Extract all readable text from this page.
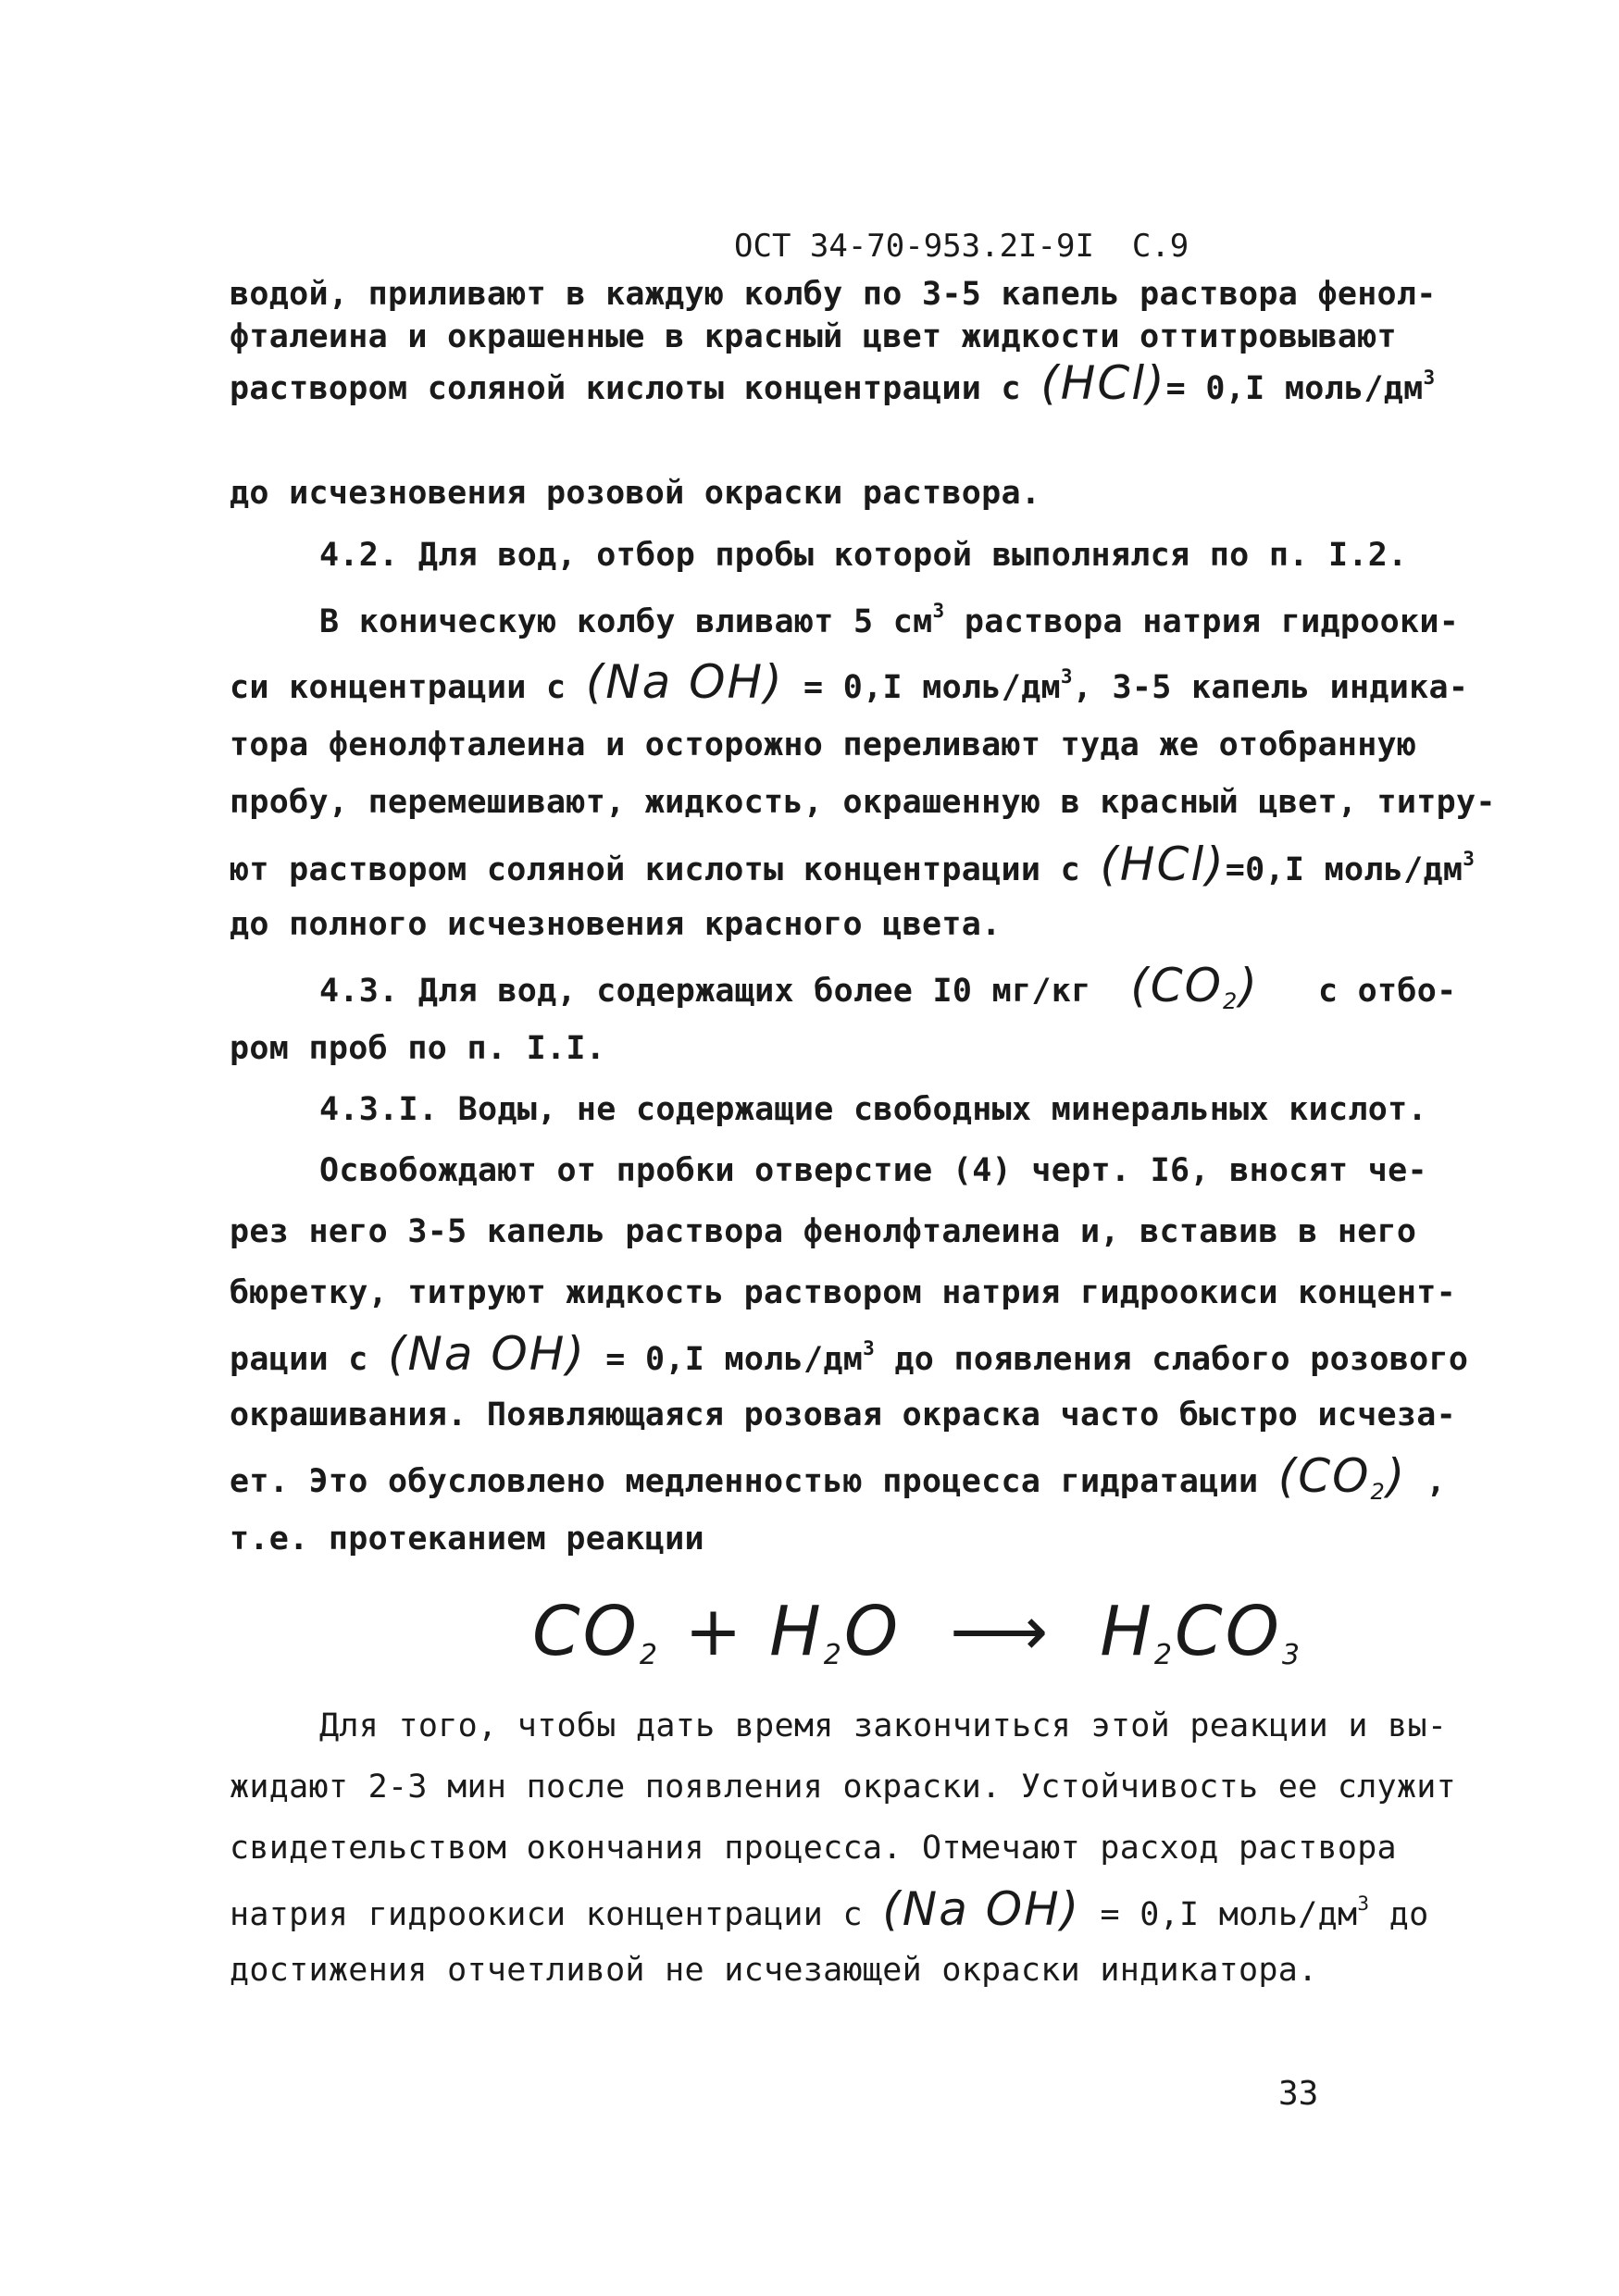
ОСТ 34-70-953.2I-9I  С.9
водой, приливают в каждую колбу по 3-5 капель раствора фенол-
фталеина и окрашенные в красный цвет жидкости оттитровывают
раствором соляной кислоты концентрации с (HCl)= 0,I моль/$дм^3$
до исчезновения розовой окраски раствора.
4.2. Для вод, отбор пробы которой выполнялся по п. I.2.
В коническую колбу вливают 5 $см^3$ раствора натрия гидрооки-
си концентрации с (Na OH) = 0,I моль/$дм^3$, 3-5 капель индика-
тора фенолфталеина и осторожно переливают туда же отобранную
пробу, перемешивают, жидкость, окрашенную в красный цвет, титру-
ют раствором соляной кислоты концентрации с (HCl)=0,I моль/$дм^3$
до полного исчезновения красного цвета.
4.3. Для вод, содержащих более I0 мг/кг  $(CO_2)$   с отбо-
ром проб по п. I.I.
4.3.I. Воды, не содержащие свободных минеральных кислот.
Освобождают от пробки отверстие (4) черт. I6, вносят че-
рез него 3-5 капель раствора фенолфталеина и, вставив в него
бюретку, титруют жидкость раствором натрия гидроокиси концент-
рации с (Na OH) = 0,I моль/$дм^3$ до появления слабого розового
окрашивания. Появляющаяся розовая окраска часто быстро исчеза-
ет. Это обусловлено медленностью процесса гидратации $(CO_2)$ ,
т.е. протеканием реакции
$CO_2 + H_2O$  ⟶  $H_2CO_3$
Для того, чтобы дать время закончиться этой реакции и вы-
жидают 2-3 мин после появления окраски. Устойчивость ее служит
свидетельством окончания процесса. Отмечают расход раствора
натрия гидроокиси концентрации с (Na OH) = 0,I моль/$дм^3$ до
достижения отчетливой не исчезающей окраски индикатора.
33
